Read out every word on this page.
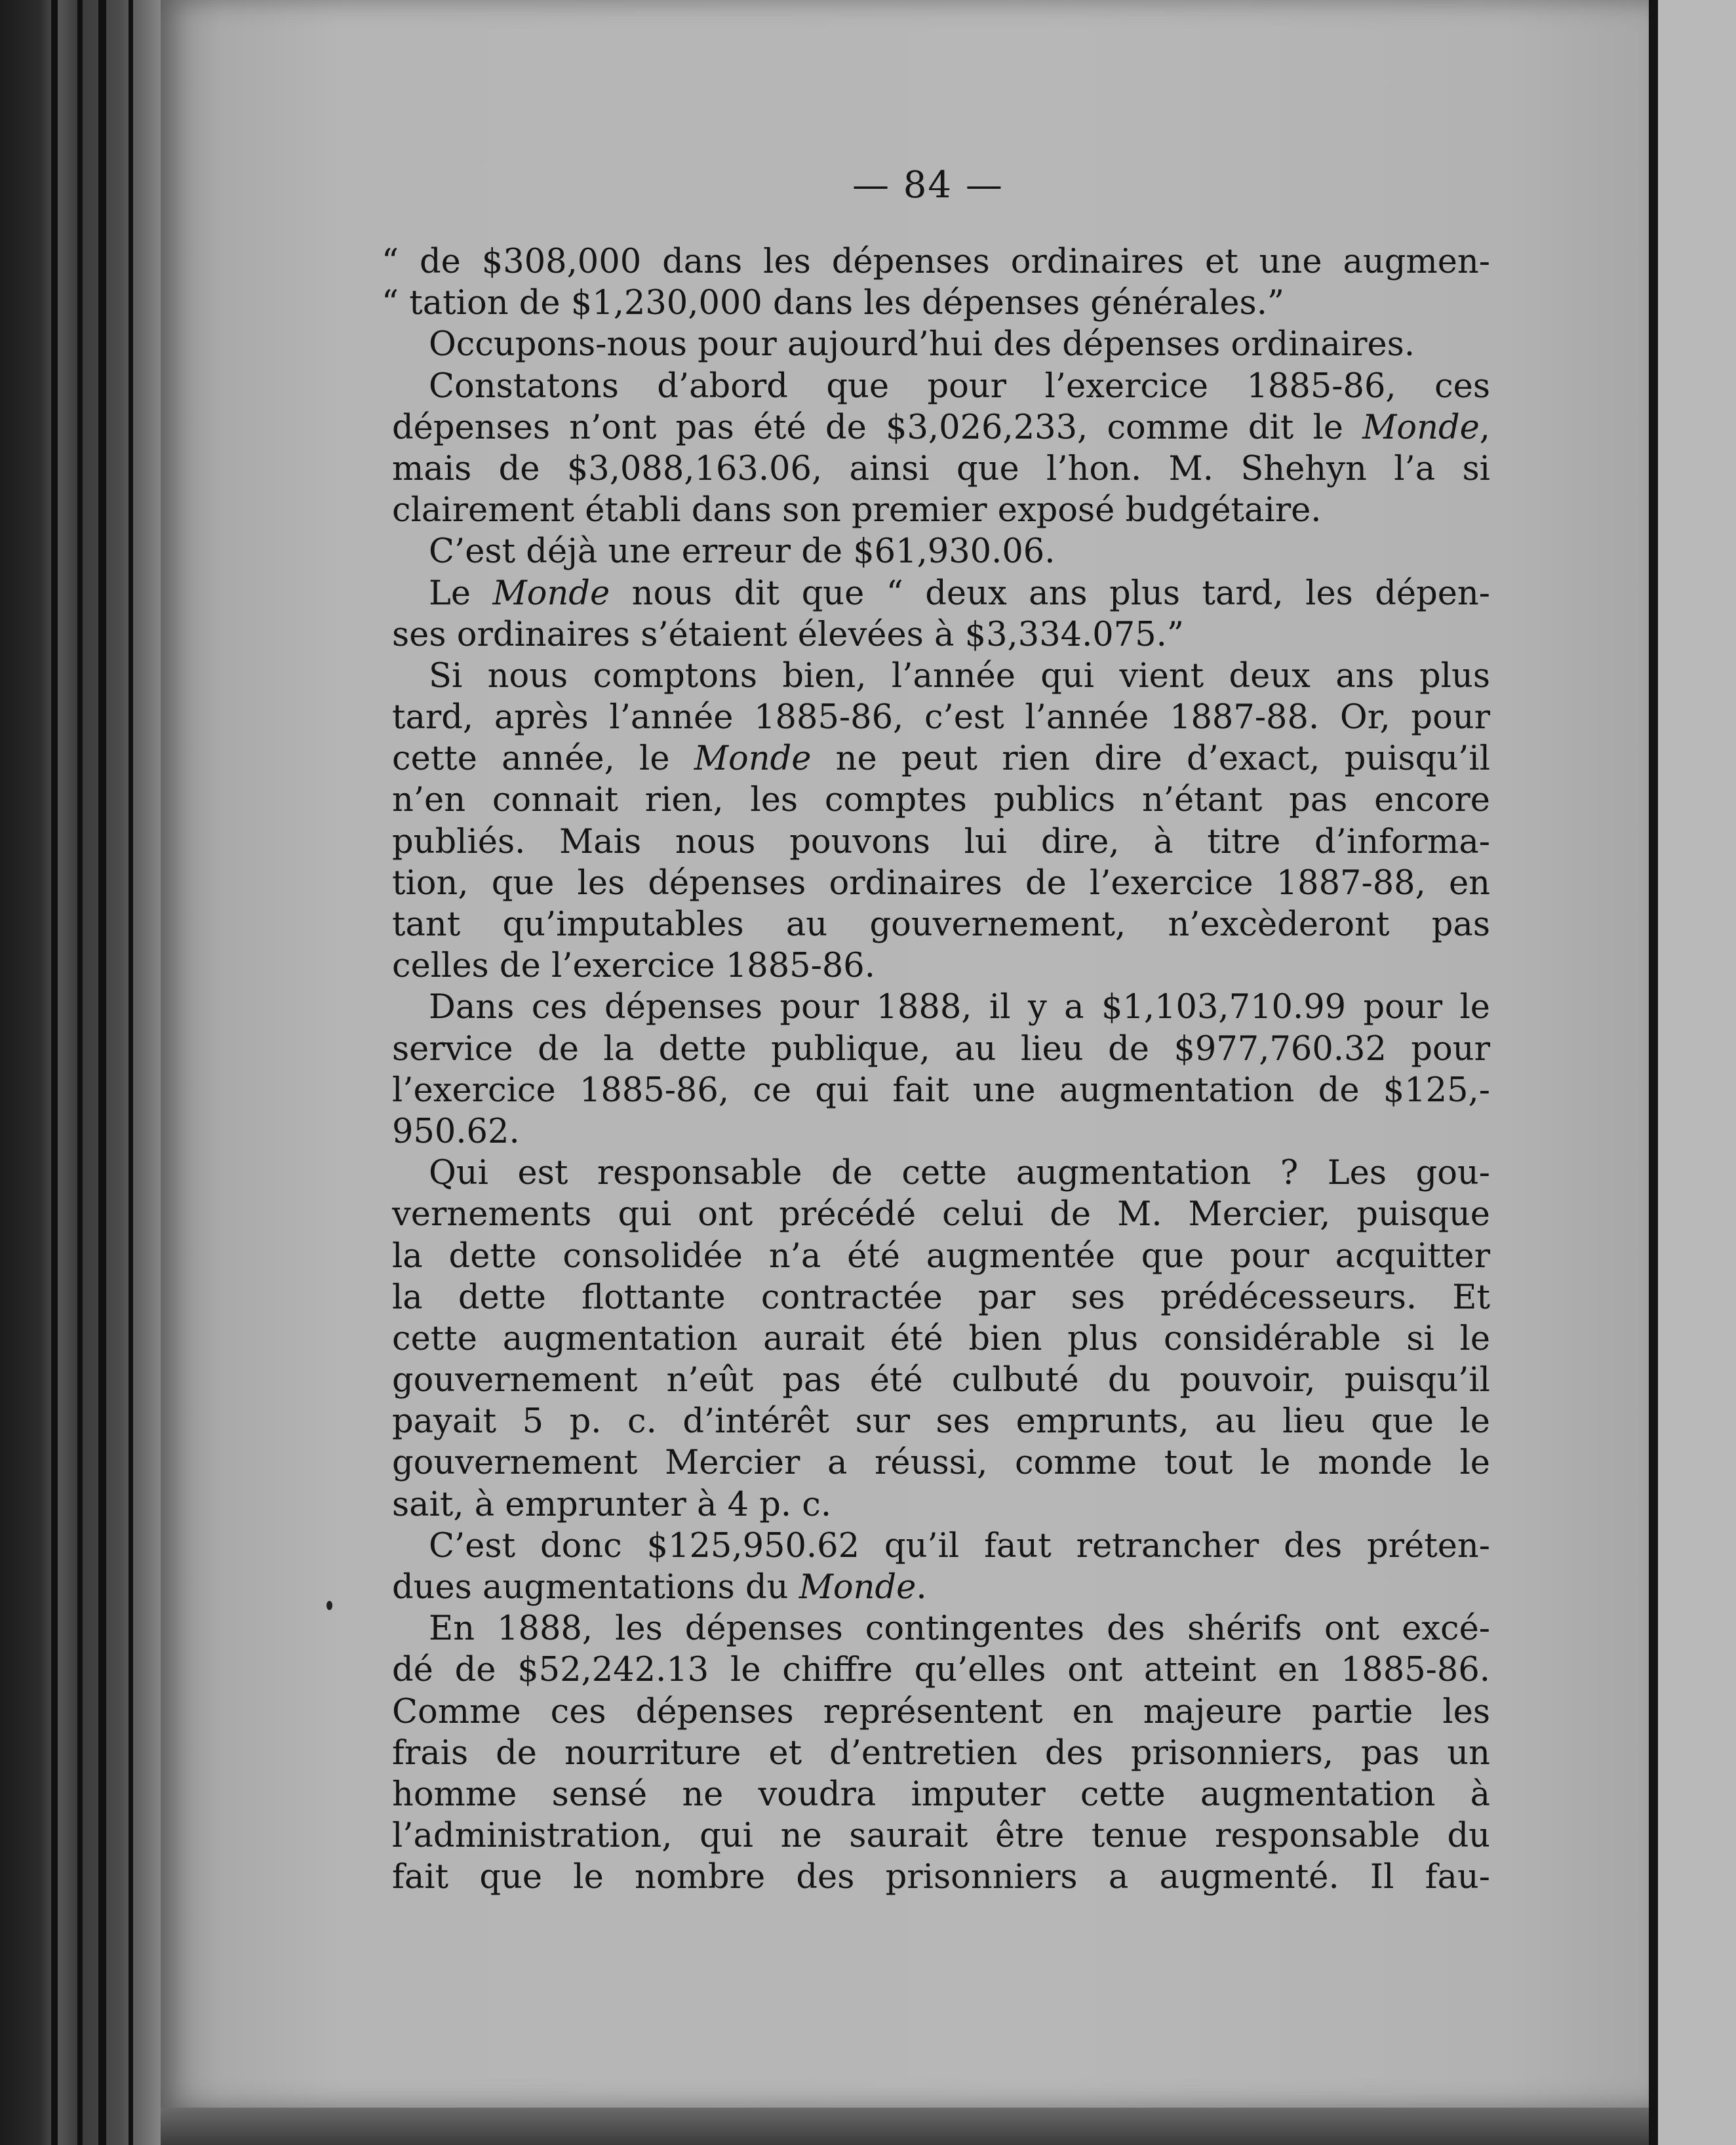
— 84 —
“ de $308,000 dans les dépenses ordinaires et une augmen-
“ tation de $1,230,000 dans les dépenses générales.”
Occupons-nous pour aujourd’hui des dépenses ordinaires.
Constatons d’abord que pour l’exercice 1885-86, ces
dépenses n’ont pas été de $3,026,233, comme dit le Monde,
mais de $3,088,163.06, ainsi que l’hon. M. Shehyn l’a si
clairement établi dans son premier exposé budgétaire.
C’est déjà une erreur de $61,930.06.
Le Monde nous dit que “ deux ans plus tard, les dépen-
ses ordinaires s’étaient élevées à $3,334.075.”
Si nous comptons bien, l’année qui vient deux ans plus
tard, après l’année 1885-86, c’est l’année 1887-88. Or, pour
cette année, le Monde ne peut rien dire d’exact, puisqu’il
n’en connait rien, les comptes publics n’étant pas encore
publiés. Mais nous pouvons lui dire, à titre d’informa-
tion, que les dépenses ordinaires de l’exercice 1887-88, en
tant qu’imputables au gouvernement, n’excèderont pas
celles de l’exercice 1885-86.
Dans ces dépenses pour 1888, il y a $1,103,710.99 pour le
service de la dette publique, au lieu de $977,760.32 pour
l’exercice 1885-86, ce qui fait une augmentation de $125,-
950.62.
Qui est responsable de cette augmentation ? Les gou-
vernements qui ont précédé celui de M. Mercier, puisque
la dette consolidée n’a été augmentée que pour acquitter
la dette flottante contractée par ses prédécesseurs. Et
cette augmentation aurait été bien plus considérable si le
gouvernement n’eût pas été culbuté du pouvoir, puisqu’il
payait 5 p. c. d’intérêt sur ses emprunts, au lieu que le
gouvernement Mercier a réussi, comme tout le monde le
sait, à emprunter à 4 p. c.
C’est donc $125,950.62 qu’il faut retrancher des préten-
dues augmentations du Monde.
En 1888, les dépenses contingentes des shérifs ont excé-
dé de $52,242.13 le chiffre qu’elles ont atteint en 1885-86.
Comme ces dépenses représentent en majeure partie les
frais de nourriture et d’entretien des prisonniers, pas un
homme sensé ne voudra imputer cette augmentation à
l’administration, qui ne saurait être tenue responsable du
fait que le nombre des prisonniers a augmenté. Il fau-
